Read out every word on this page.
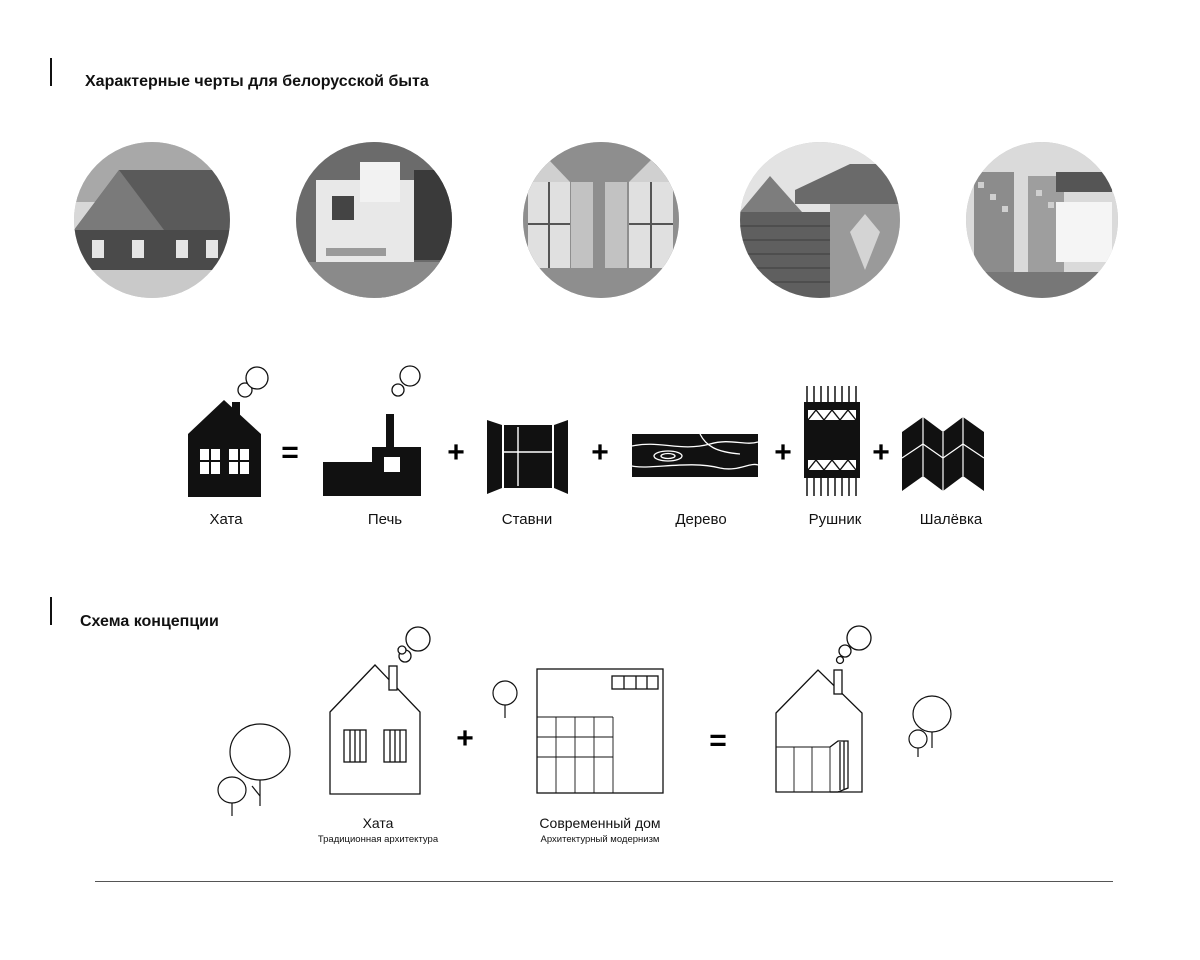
Характерные черты для белорусской быта
=	+	+	+	+
Хата	Печь	Ставни	Дерево	Рушник	Шалёвка
Схема концепции
+	=
Хата
Традиционная архитектура
Современный дом
Архитектурный модернизм
